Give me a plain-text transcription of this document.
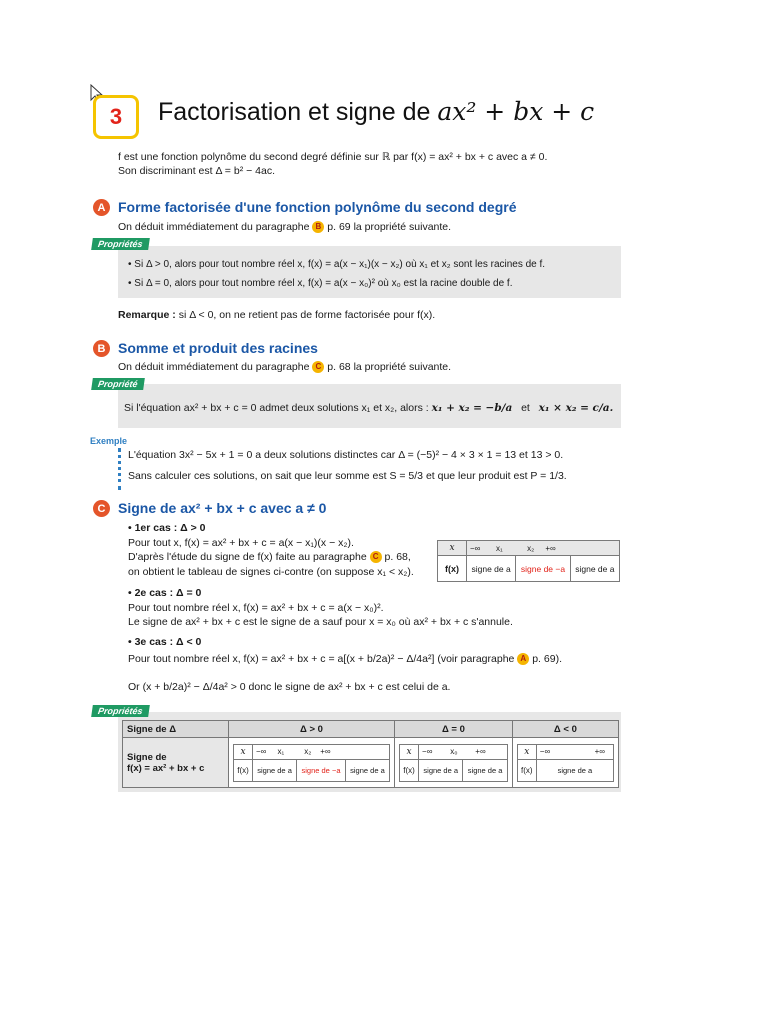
3	Factorisation et signe de ax² + bx + c
f est une fonction polynôme du second degré définie sur ℝ par f(x) = ax² + bx + c avec a ≠ 0.
Son discriminant est Δ = b² − 4ac.
A Forme factorisée d'une fonction polynôme du second degré
On déduit immédiatement du paragraphe B p. 69 la propriété suivante.
Propriétés
• Si Δ > 0, alors pour tout nombre réel x, f(x) = a(x − x₁)(x − x₂) où x₁ et x₂ sont les racines de f.
• Si Δ = 0, alors pour tout nombre réel x, f(x) = a(x − x₀)² où x₀ est la racine double de f.
Remarque : si Δ < 0, on ne retient pas de forme factorisée pour f(x).
B Somme et produit des racines
On déduit immédiatement du paragraphe C p. 68 la propriété suivante.
Propriété
Si l'équation ax² + bx + c = 0 admet deux solutions x₁ et x₂, alors : x₁ + x₂ = −b/a et x₁ × x₂ = c/a.
Exemple
L'équation 3x² − 5x + 1 = 0 a deux solutions distinctes car Δ = (−5)² − 4 × 3 × 1 = 13 et 13 > 0.
Sans calculer ces solutions, on sait que leur somme est S = 5/3 et que leur produit est P = 1/3.
C Signe de ax² + bx + c avec a ≠ 0
• 1er cas : Δ > 0
Pour tout x, f(x) = ax² + bx + c = a(x − x₁)(x − x₂).
D'après l'étude du signe de f(x) faite au paragraphe C p. 68,
on obtient le tableau de signes ci-contre (on suppose x₁ < x₂).
x	−∞ x₁ x₂ +∞		
f(x)	signe de a	signe de −a	signe de a
• 2e cas : Δ = 0
Pour tout nombre réel x, f(x) = ax² + bx + c = a(x − x₀)².
Le signe de ax² + bx + c est le signe de a sauf pour x = x₀ où ax² + bx + c s'annule.
• 3e cas : Δ < 0
Pour tout nombre réel x, f(x) = ax² + bx + c = a[(x + b/2a)² − Δ/4a²] (voir paragraphe A p. 69).
Or (x + b/2a)² − Δ/4a² > 0 donc le signe de ax² + bx + c est celui de a.
Propriétés
Signe de Δ	Δ > 0	Δ = 0	Δ < 0

Signe de
f(x) = ax² + bx + c

x	−∞ x₁	x₂ +∞
f(x)	signe de a	signe de −a	signe de a

x	−∞ x₀ +∞
f(x)	signe de a	signe de a

x	−∞	+∞
f(x)	signe de a
